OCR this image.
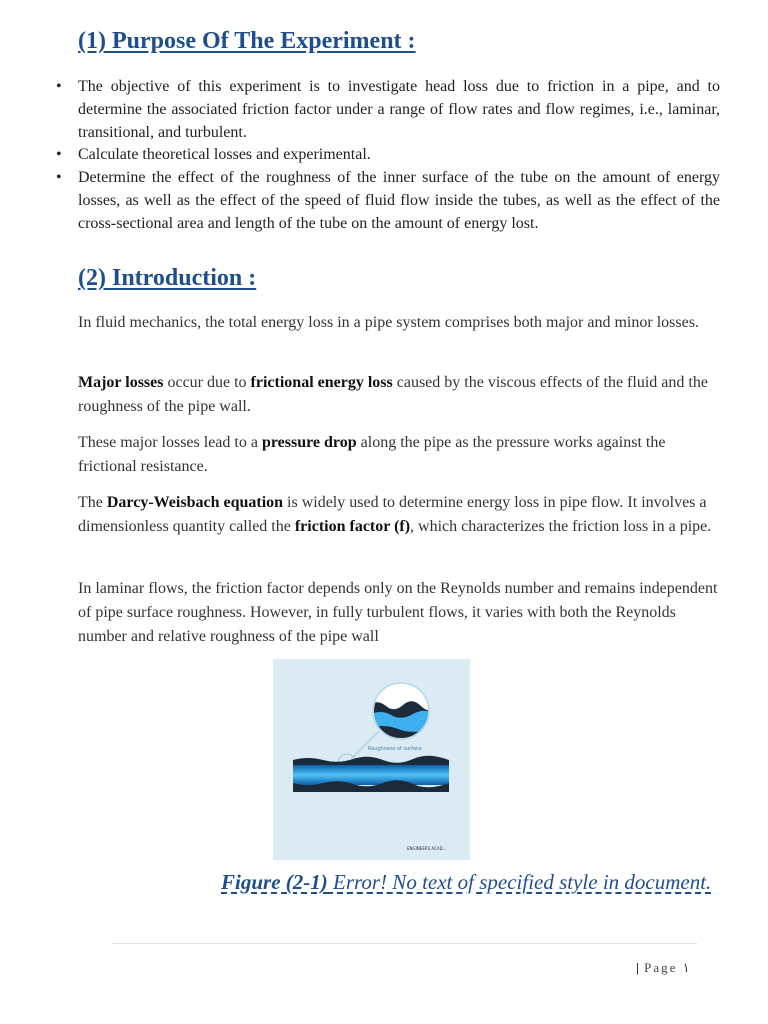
(1) Purpose Of The Experiment :
• The objective of this experiment is to investigate head loss due to friction in a pipe, and to determine the associated friction factor under a range of flow rates and flow regimes, i.e., laminar, transitional, and turbulent.
• Calculate theoretical losses and experimental.
• Determine the effect of the roughness of the inner surface of the tube on the amount of energy losses, as well as the effect of the speed of fluid flow inside the tubes, as well as the effect of the cross-sectional area and length of the tube on the amount of energy lost.
(2) Introduction :

In fluid mechanics, the total energy loss in a pipe system comprises both major and minor losses.

Major losses occur due to frictional energy loss caused by the viscous effects of the fluid and the roughness of the pipe wall.

These major losses lead to a pressure drop along the pipe as the pressure works against the frictional resistance.

The Darcy-Weisbach equation is widely used to determine energy loss in pipe flow. It involves a dimensionless quantity called the friction factor (f), which characterizes the friction loss in a pipe.

In laminar flows, the friction factor depends only on the Reynolds number and remains independent of pipe surface roughness. However, in fully turbulent flows, it varies with both the Reynolds number and relative roughness of the pipe wall

Roughness of surface
ENGINEERS ACAD...
Figure (2-1) Error! No text of specified style in document.
| Page ١
